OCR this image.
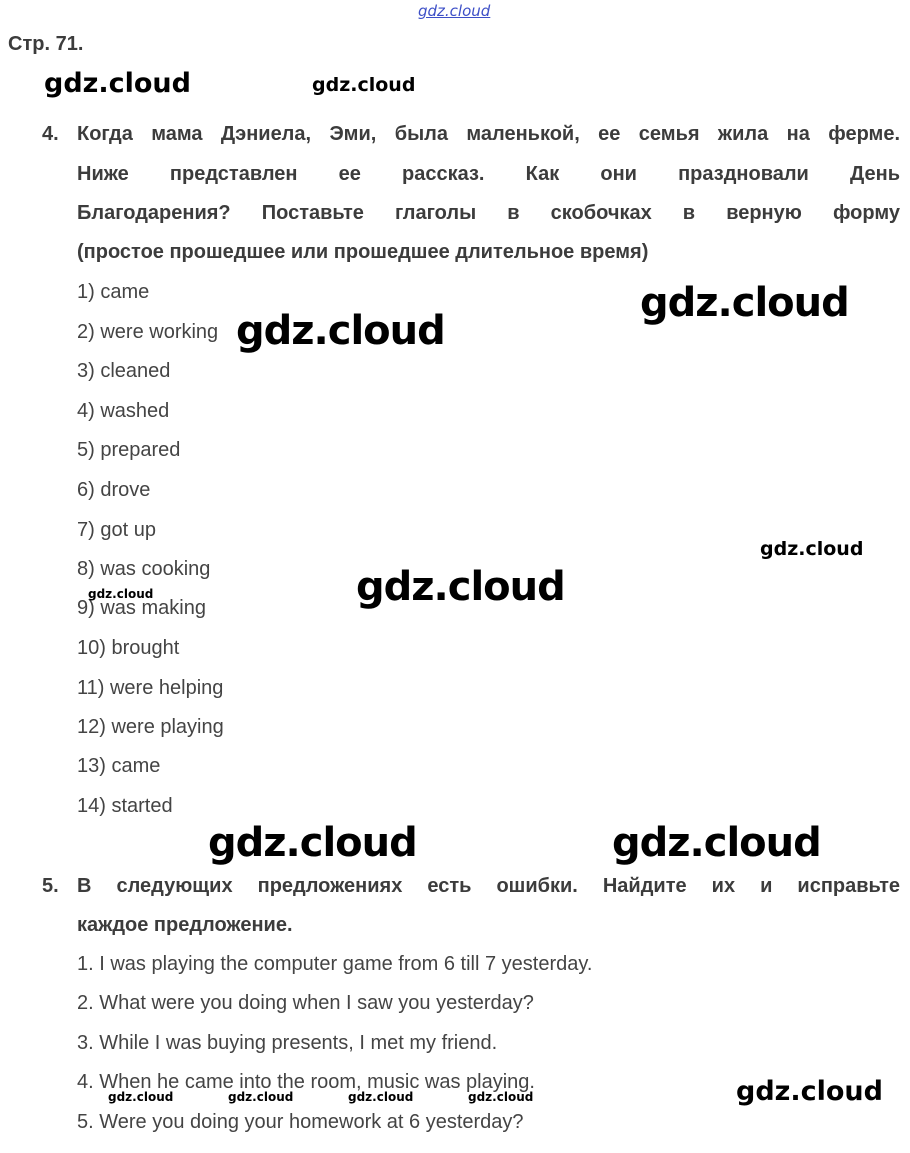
Стр. 71.
4. Когда мама Дэниела, Эми, была маленькой, ее семья жила на ферме.
Ниже представлен ее рассказ. Как они праздновали День
Благодарения? Поставьте глаголы в скобочках в верную форму
(простое прошедшее или прошедшее длительное время)
1) came
2) were working
3) cleaned
4) washed
5) prepared
6) drove
7) got up
8) was cooking
9) was making
10) brought
11) were helping
12) were playing
13) came
14) started
5. В следующих предложениях есть ошибки. Найдите их и исправьте
каждое предложение.
1. I was playing the computer game from 6 till 7 yesterday.
2. What were you doing when I saw you yesterday?
3. While I was buying presents, I met my friend.
4. When he came into the room, music was playing.
5. Were you doing your homework at 6 yesterday?
gdz.cloud
gdz.cloud	gdz.cloud
gdz.cloud
gdz.cloud
gdz.cloud
gdz.cloud
gdz.cloud
gdz.cloud	gdz.cloud
gdz.cloud
gdz.cloud	gdz.cloud	gdz.cloud	gdz.cloud
